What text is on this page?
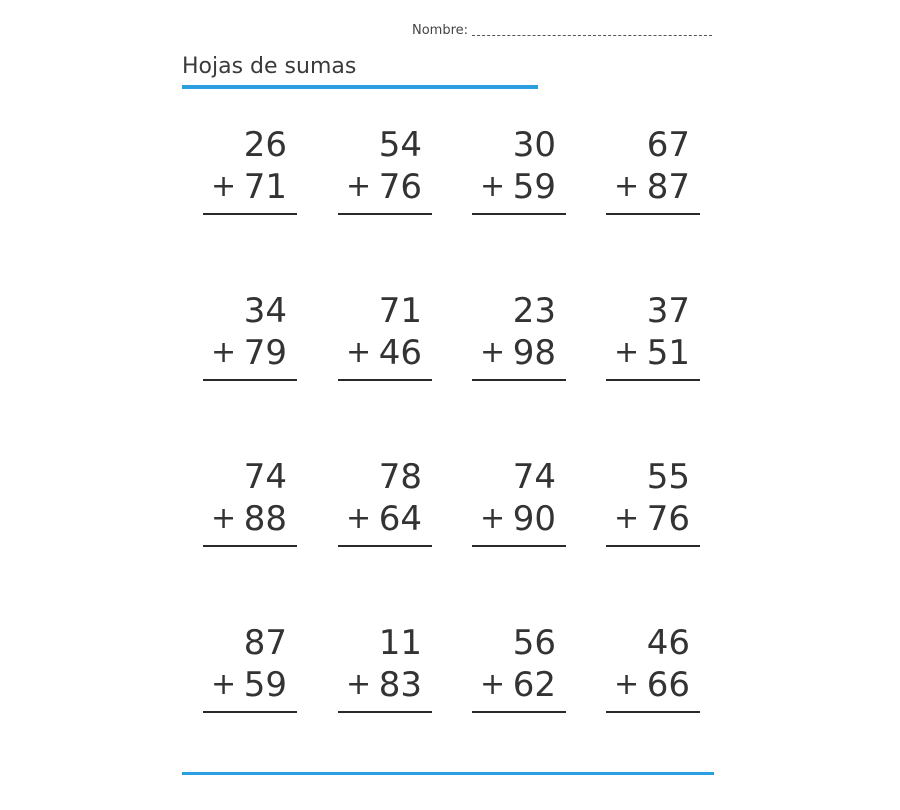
Nombre:
Hojas de sumas
26
+ 71
54
+ 76
30
+ 59
67
+ 87
34
+ 79
71
+ 46
23
+ 98
37
+ 51
74
+ 88
78
+ 64
74
+ 90
55
+ 76
87
+ 59
11
+ 83
56
+ 62
46
+ 66
